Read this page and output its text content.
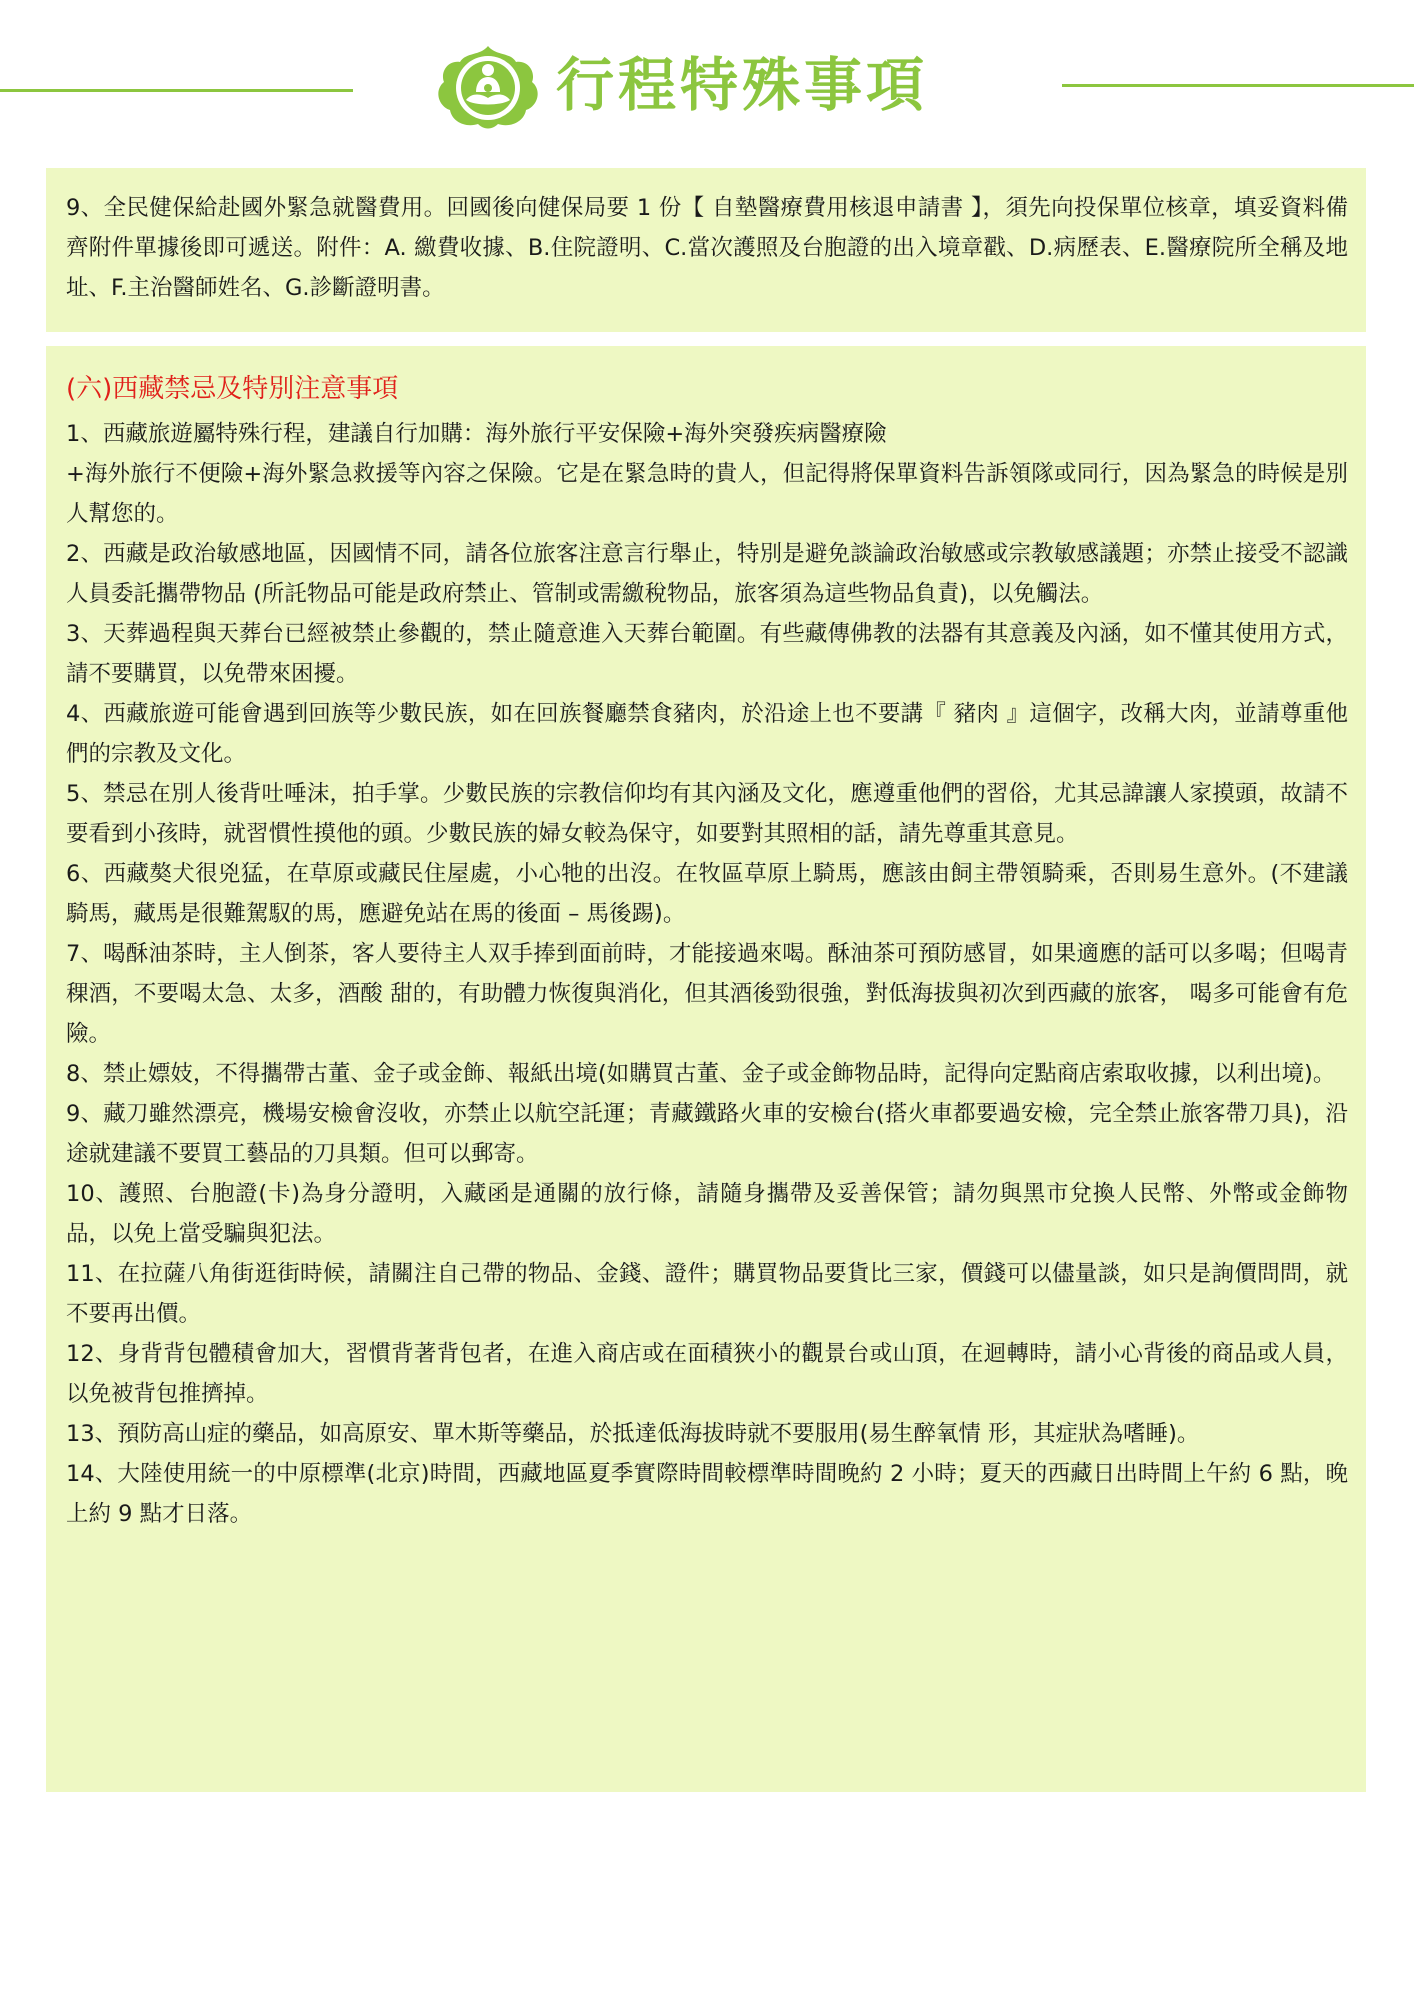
行程特殊事項

9、全民健保給赴國外緊急就醫費用。回國後向健保局要 1 份【 自墊醫療費用核退申請書 】，須先向投保單位核章，填妥資料備齊附件單據後即可遞送。附件：A. 繳費收據、B.住院證明、C.當次護照及台胞證的出入境章戳、D.病歷表、E.醫療院所全稱及地址、F.主治醫師姓名、G.診斷證明書。

(六)西藏禁忌及特別注意事項

1、西藏旅遊屬特殊行程，建議自行加購：海外旅行平安保險+海外突發疾病醫療險

+海外旅行不便險+海外緊急救援等內容之保險。它是在緊急時的貴人，但記得將保單資料告訴領隊或同行，因為緊急的時候是別人幫您的。

2、西藏是政治敏感地區，因國情不同，請各位旅客注意言行舉止，特別是避免談論政治敏感或宗教敏感議題；亦禁止接受不認識人員委託攜帶物品 (所託物品可能是政府禁止、管制或需繳稅物品，旅客須為這些物品負責)，以免觸法。

3、天葬過程與天葬台已經被禁止參觀的，禁止隨意進入天葬台範圍。有些藏傳佛教的法器有其意義及內涵，如不懂其使用方式，請不要購買，以免帶來困擾。

4、西藏旅遊可能會遇到回族等少數民族，如在回族餐廳禁食豬肉，於沿途上也不要講『 豬肉 』這個字，改稱大肉，並請尊重他們的宗教及文化。

5、禁忌在別人後背吐唾沫，拍手掌。少數民族的宗教信仰均有其內涵及文化，應遵重他們的習俗，尤其忌諱讓人家摸頭，故請不要看到小孩時，就習慣性摸他的頭。少數民族的婦女較為保守，如要對其照相的話，請先尊重其意見。

6、西藏獒犬很兇猛，在草原或藏民住屋處，小心牠的出沒。在牧區草原上騎馬，應該由飼主帶領騎乘，否則易生意外。(不建議騎馬，藏馬是很難駕馭的馬，應避免站在馬的後面 – 馬後踢)。

7、喝酥油茶時，主人倒茶，客人要待主人双手捧到面前時，才能接過來喝。酥油茶可預防感冒，如果適應的話可以多喝；但喝青稞酒，不要喝太急、太多，酒酸 甜的，有助體力恢復與消化，但其酒後勁很強，對低海拔與初次到西藏的旅客， 喝多可能會有危險。

8、禁止嫖妓，不得攜帶古董、金子或金飾、報紙出境(如購買古董、金子或金飾物品時，記得向定點商店索取收據，以利出境)。

9、藏刀雖然漂亮，機場安檢會沒收，亦禁止以航空託運；青藏鐵路火車的安檢台(搭火車都要過安檢，完全禁止旅客帶刀具)，沿途就建議不要買工藝品的刀具類。但可以郵寄。

10、護照、台胞證(卡)為身分證明，入藏函是通關的放行條，請隨身攜帶及妥善保管；請勿與黑市兌換人民幣、外幣或金飾物品，以免上當受騙與犯法。

11、在拉薩八角街逛街時候，請關注自己帶的物品、金錢、證件；購買物品要貨比三家，價錢可以儘量談，如只是詢價問問，就不要再出價。

12、身背背包體積會加大，習慣背著背包者，在進入商店或在面積狹小的觀景台或山頂，在迴轉時，請小心背後的商品或人員，以免被背包推擠掉。

13、預防高山症的藥品，如高原安、單木斯等藥品，於抵達低海拔時就不要服用(易生醉氧情 形，其症狀為嗜睡)。

14、大陸使用統一的中原標準(北京)時間，西藏地區夏季實際時間較標準時間晚約 2 小時；夏天的西藏日出時間上午約 6 點，晚上約 9 點才日落。
